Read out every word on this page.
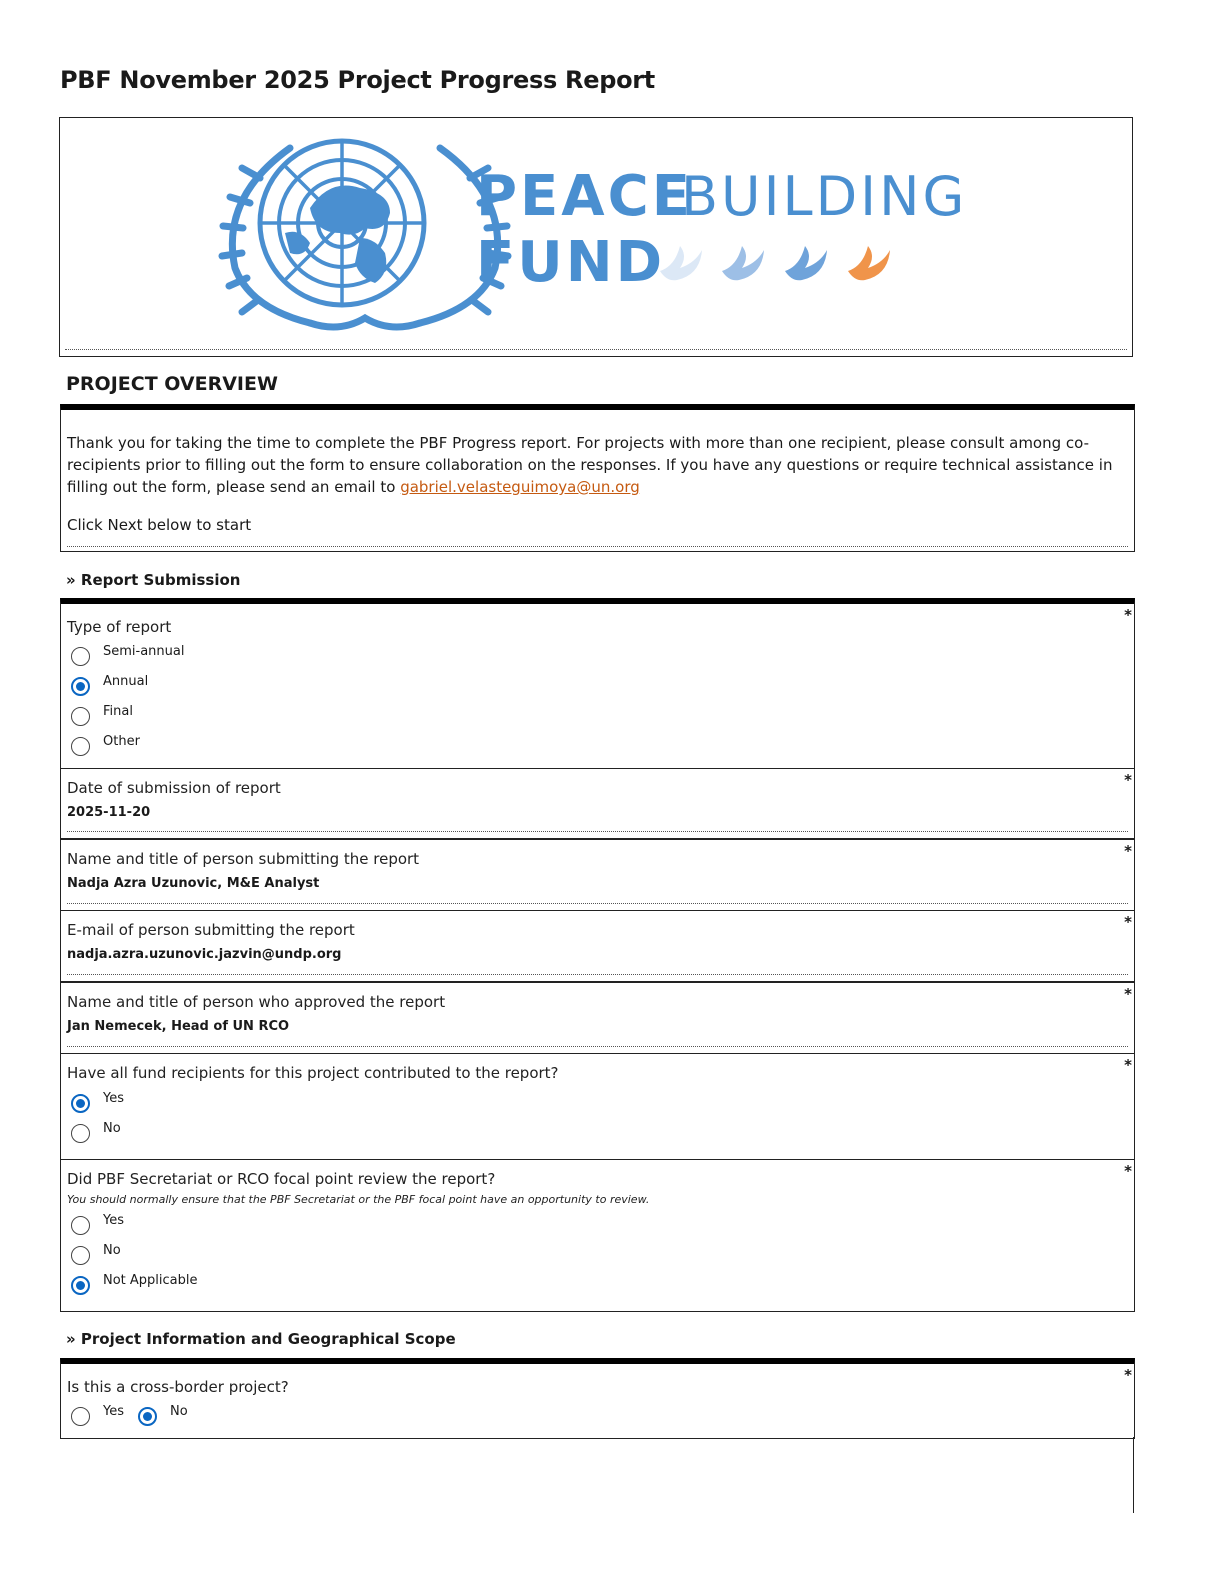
PBF November 2025 Project Progress Report
PEACE
BUILDING
FUND
PROJECT OVERVIEW

Thank you for taking the time to complete the PBF Progress report. For projects with more than one recipient, please consult among co-recipients prior to filling out the form to ensure collaboration on the responses. If you have any questions or require technical assistance in filling out the form, please send an email to gabriel.velasteguimoya@un.org

Click Next below to start

» Report Submission
*

Type of report

Semi-annual
Annual
Final
Other
*

Date of submission of report

2025-11-20

*

Name and title of person submitting the report

Nadja Azra Uzunovic, M&E Analyst

*

E-mail of person submitting the report

nadja.azra.uzunovic.jazvin@undp.org

*

Name and title of person who approved the report

Jan Nemecek, Head of UN RCO

*

Have all fund recipients for this project contributed to the report?

Yes
No
*

Did PBF Secretariat or RCO focal point review the report?

You should normally ensure that the PBF Secretariat or the PBF focal point have an opportunity to review.

Yes
No
Not Applicable
» Project Information and Geographical Scope
*

Is this a cross-border project?

Yes	No
